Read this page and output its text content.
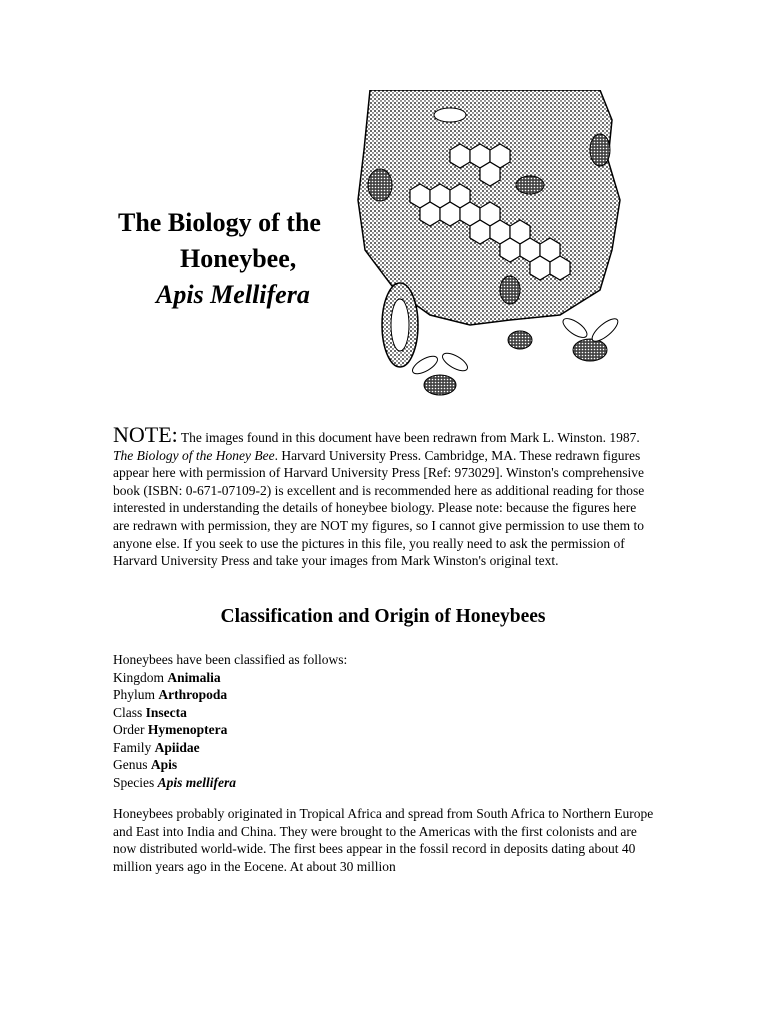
The Biology of the
Honeybee,
Apis Mellifera
NOTE: The images found in this document have been redrawn from Mark L. Winston. 1987. The Biology of the Honey Bee. Harvard University Press. Cambridge, MA. These redrawn figures appear here with permission of Harvard University Press [Ref: 973029]. Winston's comprehensive book (ISBN: 0-671-07109-2) is excellent and is recommended here as additional reading for those interested in understanding the details of honeybee biology. Please note: because the figures here are redrawn with permission, they are NOT my figures, so I cannot give permission to use them to anyone else. If you seek to use the pictures in this file, you really need to ask the permission of Harvard University Press and take your images from Mark Winston's original text.
Classification and Origin of Honeybees
Honeybees have been classified as follows:
Kingdom Animalia
Phylum Arthropoda
Class Insecta
Order Hymenoptera
Family Apiidae
Genus Apis
Species Apis mellifera
Honeybees probably originated in Tropical Africa and spread from South Africa to Northern Europe and East into India and China. They were brought to the Americas with the first colonists and are now distributed world-wide. The first bees appear in the fossil record in deposits dating about 40 million years ago in the Eocene. At about 30 million
